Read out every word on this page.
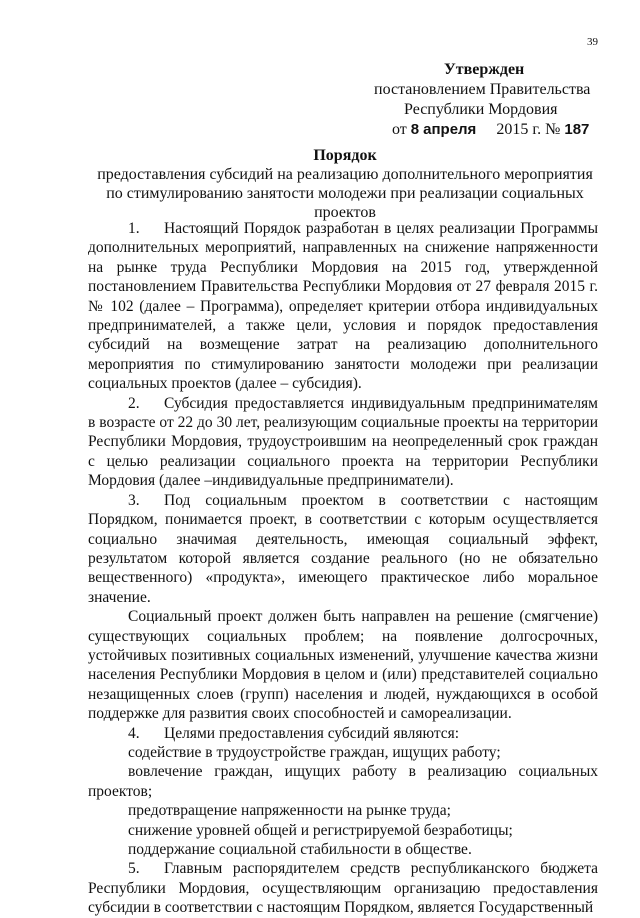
39
Утвержден
постановлением Правительства
Республики Мордовия
от 8 апреля 2015 г. № 187
Порядок
предоставления субсидий на реализацию дополнительного мероприятия по стимулированию занятости молодежи при реализации социальных проектов

1. Настоящий Порядок разработан в целях реализации Программы дополнительных мероприятий, направленных на снижение напряженности на рынке труда Республики Мордовия на 2015 год, утвержденной постановлением Правительства Республики Мордовия от 27 февраля 2015 г. № 102 (далее – Программа), определяет критерии отбора индивидуальных предпринимателей, а также цели, условия и порядок предоставления субсидий на возмещение затрат на реализацию дополнительного мероприятия по стимулированию занятости молодежи при реализации социальных проектов (далее – субсидия).

2. Субсидия предоставляется индивидуальным предпринимателям в возрасте от 22 до 30 лет, реализующим социальные проекты на территории Республики Мордовия, трудоустроившим на неопределенный срок граждан с целью реализации социального проекта на территории Республики Мордовия (далее –индивидуальные предприниматели).

3. Под социальным проектом в соответствии с настоящим Порядком, понимается проект, в соответствии с которым осуществляется социально значимая деятельность, имеющая социальный эффект, результатом которой является создание реального (но не обязательно вещественного) «продукта», имеющего практическое либо моральное значение.

Социальный проект должен быть направлен на решение (смягчение) существующих социальных проблем; на появление долгосрочных, устойчивых позитивных социальных изменений, улучшение качества жизни населения Республики Мордовия в целом и (или) представителей социально незащищенных слоев (групп) населения и людей, нуждающихся в особой поддержке для развития своих способностей и самореализации.

4. Целями предоставления субсидий являются:

содействие в трудоустройстве граждан, ищущих работу;

вовлечение граждан, ищущих работу в реализацию социальных проектов;

предотвращение напряженности на рынке труда;

снижение уровней общей и регистрируемой безработицы;

поддержание социальной стабильности в обществе.

5. Главным распорядителем средств республиканского бюджета Республики Мордовия, осуществляющим организацию предоставления субсидии в соответствии с настоящим Порядком, является Государственный
